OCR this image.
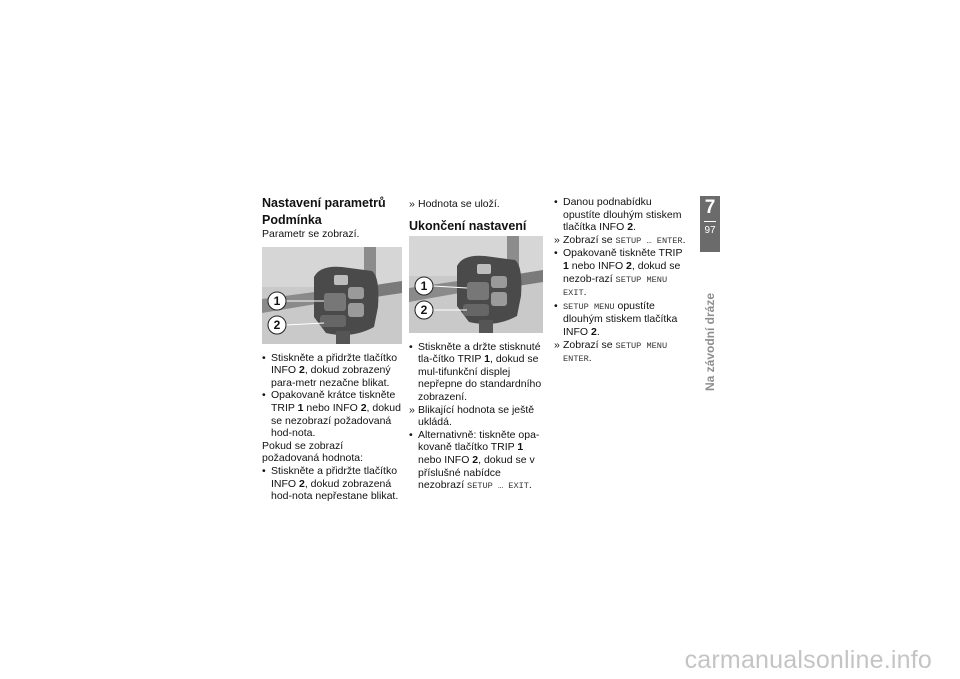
Nastavení parametrů
Podmínka

Parametr se zobrazí.

1
2
• Stiskněte a přidržte tlačítko INFO 2, dokud zobrazený para-metr nezačne blikat.
• Opakovaně krátce tiskněte TRIP 1 nebo INFO 2, dokud se nezobrazí požadovaná hod-nota.

Pokud se zobrazí požadovaná hodnota:

• Stiskněte a přidržte tlačítko INFO 2, dokud zobrazená hod-nota nepřestane blikat.
» Hodnota se uloží.
Ukončení nastavení
1
2
• Stiskněte a držte stisknuté tla-čítko TRIP 1, dokud se mul-tifunkční displej nepřepne do standardního zobrazení.
» Blikající hodnota se ještě ukládá.
• Alternativně: tiskněte opa-kovaně tlačítko TRIP 1 nebo INFO 2, dokud se v příslušné nabídce nezobrazí SETUP … EXIT.
• Danou podnabídku opustíte dlouhým stiskem tlačítka INFO 2.
» Zobrazí se SETUP … ENTER.
• Opakovaně tiskněte TRIP 1 nebo INFO 2, dokud se nezob-razí SETUP MENU EXIT.
• SETUP MENU opustíte dlouhým stiskem tlačítka INFO 2.
» Zobrazí se SETUP MENU ENTER.
7
97
Na závodní dráze
carmanualsonline.info
